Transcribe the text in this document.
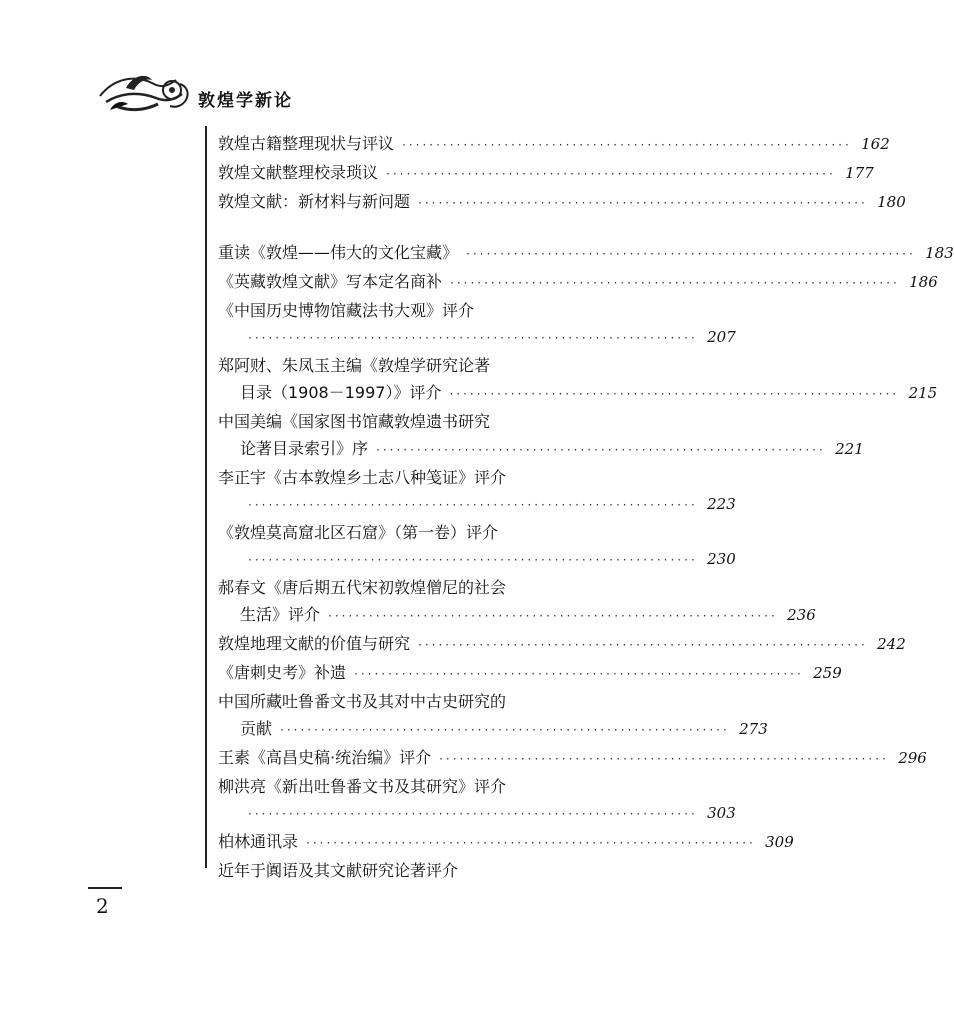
敦煌学新论
敦煌古籍整理现状与评议 ·································································· 162
敦煌文献整理校录琐议 ·································································· 177
敦煌文献：新材料与新问题 ·································································· 180
重读《敦煌——伟大的文化宝藏》 ·································································· 183
《英藏敦煌文献》写本定名商补 ·································································· 186
《中国历史博物馆藏法书大观》评介
·································································· 207
郑阿财、朱凤玉主编《敦煌学研究论著
目录（1908－1997）》评介 ·································································· 215
中国美编《国家图书馆藏敦煌遗书研究
论著目录索引》序 ·································································· 221
李正宇《古本敦煌乡土志八种笺证》评介
·································································· 223
《敦煌莫高窟北区石窟》（第一卷）评介
·································································· 230
郝春文《唐后期五代宋初敦煌僧尼的社会
生活》评介 ·································································· 236
敦煌地理文献的价值与研究 ·································································· 242
《唐刺史考》补遗 ·································································· 259
中国所藏吐鲁番文书及其对中古史研究的
贡献 ·································································· 273
王素《高昌史稿·统治编》评介 ·································································· 296
柳洪亮《新出吐鲁番文书及其研究》评介
·································································· 303
柏林通讯录 ·································································· 309
近年于阗语及其文献研究论著评介
2
